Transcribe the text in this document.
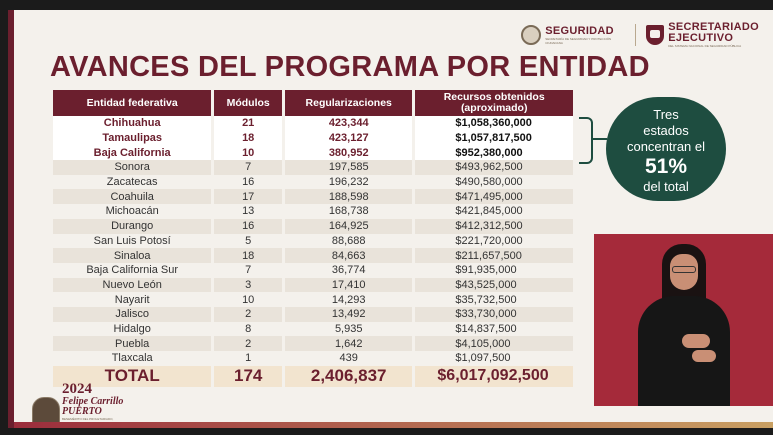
SEGURIDAD
SECRETARÍA DE SEGURIDAD Y PROTECCIÓN CIUDADANA
SECRETARIADO
EJECUTIVO
DEL SISTEMA NACIONAL DE SEGURIDAD PÚBLICA
AVANCES DEL PROGRAMA POR ENTIDAD
Entidad federativa	Módulos	Regularizaciones	Recursos obtenidos
(aproximado)
Chihuahua	21	423,344	$1,058,360,000
Tamaulipas	18	423,127	$1,057,817,500
Baja California	10	380,952	$952,380,000
Sonora	7	197,585	$493,962,500
Zacatecas	16	196,232	$490,580,000
Coahuila	17	188,598	$471,495,000
Michoacán	13	168,738	$421,845,000
Durango	16	164,925	$412,312,500
San Luis Potosí	5	88,688	$221,720,000
Sinaloa	18	84,663	$211,657,500
Baja California Sur	7	36,774	$91,935,000
Nuevo León	3	17,410	$43,525,000
Nayarit	10	14,293	$35,732,500
Jalisco	2	13,492	$33,730,000
Hidalgo	8	5,935	$14,837,500
Puebla	2	1,642	$4,105,000
Tlaxcala	1	439	$1,097,500
TOTAL	174	2,406,837	$6,017,092,500
Tres
estados
concentran el
51%
del total
2024
Felipe Carrillo
PUERTO
BENEMÉRITO DEL PROLETARIADO,
